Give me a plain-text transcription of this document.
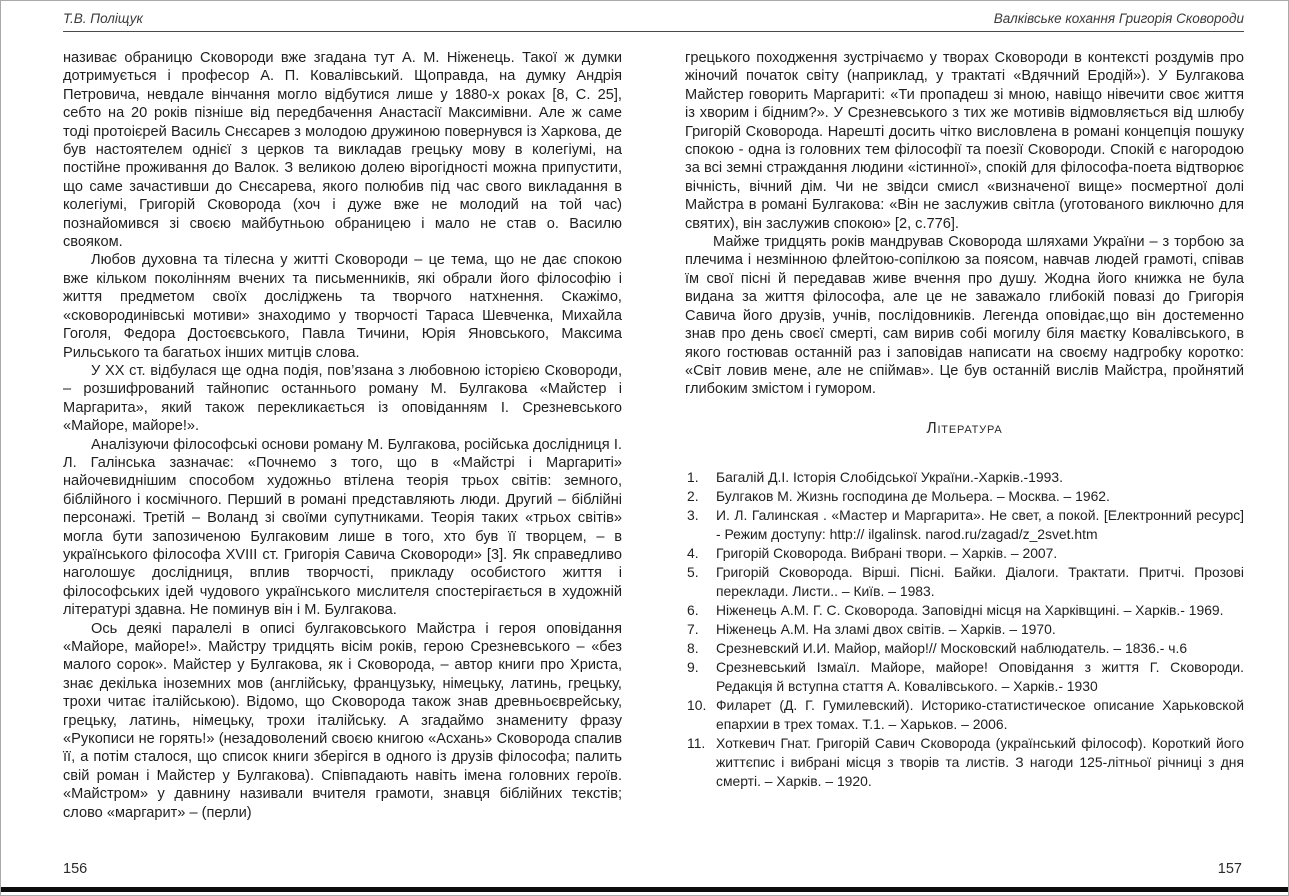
Т.В. Поліщук	Валківське кохання Григорія Сковороди

називає обраницю Сковороди вже згадана тут А. М. Ніженець. Такої ж думки дотримується і професор А. П. Ковалівський. Щоправда, на думку Андрія Петровича, невдале вінчання могло відбутися лише у 1880-х роках [8, С. 25], себто на 20 років пізніше від передбачення Анастасії Максимівни. Але ж саме тоді протоієрей Василь Снєсарев з молодою дружиною повернувся із Харкова, де був настоятелем однієї з церков та викладав грецьку мову в колегіумі, на постійне проживання до Валок. З великою долею вірогідності можна припустити, що саме зачастивши до Снєсарева, якого полюбив під час свого викладання в колегіумі, Григорій Сковорода (хоч і дуже вже не молодий на той час) познайомився зі своєю майбутньою обраницею і мало не став о. Василю свояком.

Любов духовна та тілесна у житті Сковороди – це тема, що не дає спокою вже кільком поколінням вчених та письменників, які обрали його філософію і життя предметом своїх досліджень та творчого натхнення. Скажімо, «сковородинівські мотиви» знаходимо у творчості Тараса Шевченка, Михайла Гоголя, Федора Достоєвського, Павла Тичини, Юрія Яновського, Максима Рильського та багатьох інших митців слова.

У ХХ ст. відбулася ще одна подія, пов’язана з любовною історією Сковороди, – розшифрований тайнопис останнього роману М. Булгакова «Майстер і Маргарита», який також перекликається із оповіданням І. Срезневського «Майоре, майоре!».

Аналізуючи філософські основи роману М. Булгакова, російська дослідниця І. Л. Галінська зазначає: «Почнемо з того, що в «Майстрі і Маргариті» найочевиднішим способом художньо втілена теорія трьох світів: земного, біблійного і космічного. Перший в романі представляють люди. Другий – біблійні персонажі. Третій – Воланд зі своїми супутниками. Теорія таких «трьох світів» могла бути запозиченою Булгаковим лише в того, хто був її творцем, – в українського філософа XVIII ст. Григорія Савича Сковороди» [3]. Як справедливо наголошує дослідниця, вплив творчості, прикладу особистого життя і філософських ідей чудового українського мислителя спостерігається в художній літературі здавна. Не поминув він і М. Булгакова.

Ось деякі паралелі в описі булгаковського Майстра і героя оповідання «Майоре, майоре!». Майстру тридцять вісім років, герою Срезневського – «без малого сорок». Майстер у Булгакова, як і Сковорода, – автор книги про Христа, знає декілька іноземних мов (англійську, французьку, німецьку, латинь, грецьку, трохи читає італійською). Відомо, що Сковорода також знав древньоєврейську, грецьку, латинь, німецьку, трохи італійську. А згадаймо знамениту фразу «Рукописи не горять!» (незадоволений своєю книгою «Асхань» Сковорода спалив її, а потім сталося, що список книги зберігся в одного із друзів філософа; палить свій роман і Майстер у Булгакова). Співпадають навіть імена головних героїв. «Майстром» у давнину називали вчителя грамоти, знавця біблійних текстів; слово «маргарит» – (перли)

грецького походження зустрічаємо у творах Сковороди в контексті роздумів про жіночий початок світу (наприклад, у трактаті «Вдячний Еродій»). У Булгакова Майстер говорить Маргариті: «Ти пропадеш зі мною, навіщо нівечити своє життя із хворим і бідним?». У Срезневського з тих же мотивів відмовляється від шлюбу Григорій Сковорода. Нарешті досить чітко висловлена в романі концепція пошуку спокою - одна із головних тем філософії та поезії Сковороди. Спокій є нагородою за всі земні страждання людини «істинної», спокій для філософа-поета відтворює вічність, вічний дім. Чи не звідси смисл «визначеної вище» посмертної долі Майстра в романі Булгакова: «Він не заслужив світла (уготованого виключно для святих), він заслужив спокою» [2, с.776].

Майже тридцять років мандрував Сковорода шляхами України – з торбою за плечима і незмінною флейтою-сопілкою за поясом, навчав людей грамоті, співав їм свої пісні й передавав живе вчення про душу. Жодна його книжка не була видана за життя філософа, але це не заважало глибокій повазі до Григорія Савича його друзів, учнів, послідовників. Легенда оповідає,що він достеменно знав про день своєї смерті, сам вирив собі могилу біля маєтку Ковалівського, в якого гостював останній раз і заповідав написати на своєму надгробку коротко: «Світ ловив мене, але не спіймав». Це був останній вислів Майстра, пройнятий глибоким змістом і гумором.

Література
Багалій Д.І. Історія Слобідської України.-Харків.-1993.
Булгаков М. Жизнь господина де Мольера. – Москва. – 1962.
И. Л. Галинская . «Мастер и Маргарита». Не свет, а покой. [Електронний ресурс] - Режим доступу: http:// ilgalinsk. narod.ru/zagad/z_2svet.htm
Григорій Сковорода. Вибрані твори. – Харків. – 2007.
Григорій Сковорода. Вірші. Пісні. Байки. Діалоги. Трактати. Притчі. Прозові переклади. Листи.. – Київ. – 1983.
Ніженець А.М. Г. С. Сковорода. Заповідні місця на Харківщині. – Харків.- 1969.
Ніженець А.М. На зламі двох світів. – Харків. – 1970.
Срезневский И.И. Майор, майор!// Московский наблюдатель. – 1836.- ч.6
Срезневський Ізмаїл. Майоре, майоре! Оповідання з життя Г. Сковороди. Редакція й вступна стаття А. Ковалівського. – Харків.- 1930
Филарет (Д. Г. Гумилевский). Историко-статистическое описание Харьковской епархии в трех томах. Т.1. – Харьков. – 2006.
Хоткевич Гнат. Григорій Савич Сковорода (український філософ). Короткий його життєпис і вибрані місця з творів та листів. З нагоди 125-літньої річниці з дня смерті. – Харків. – 1920.
156	157
